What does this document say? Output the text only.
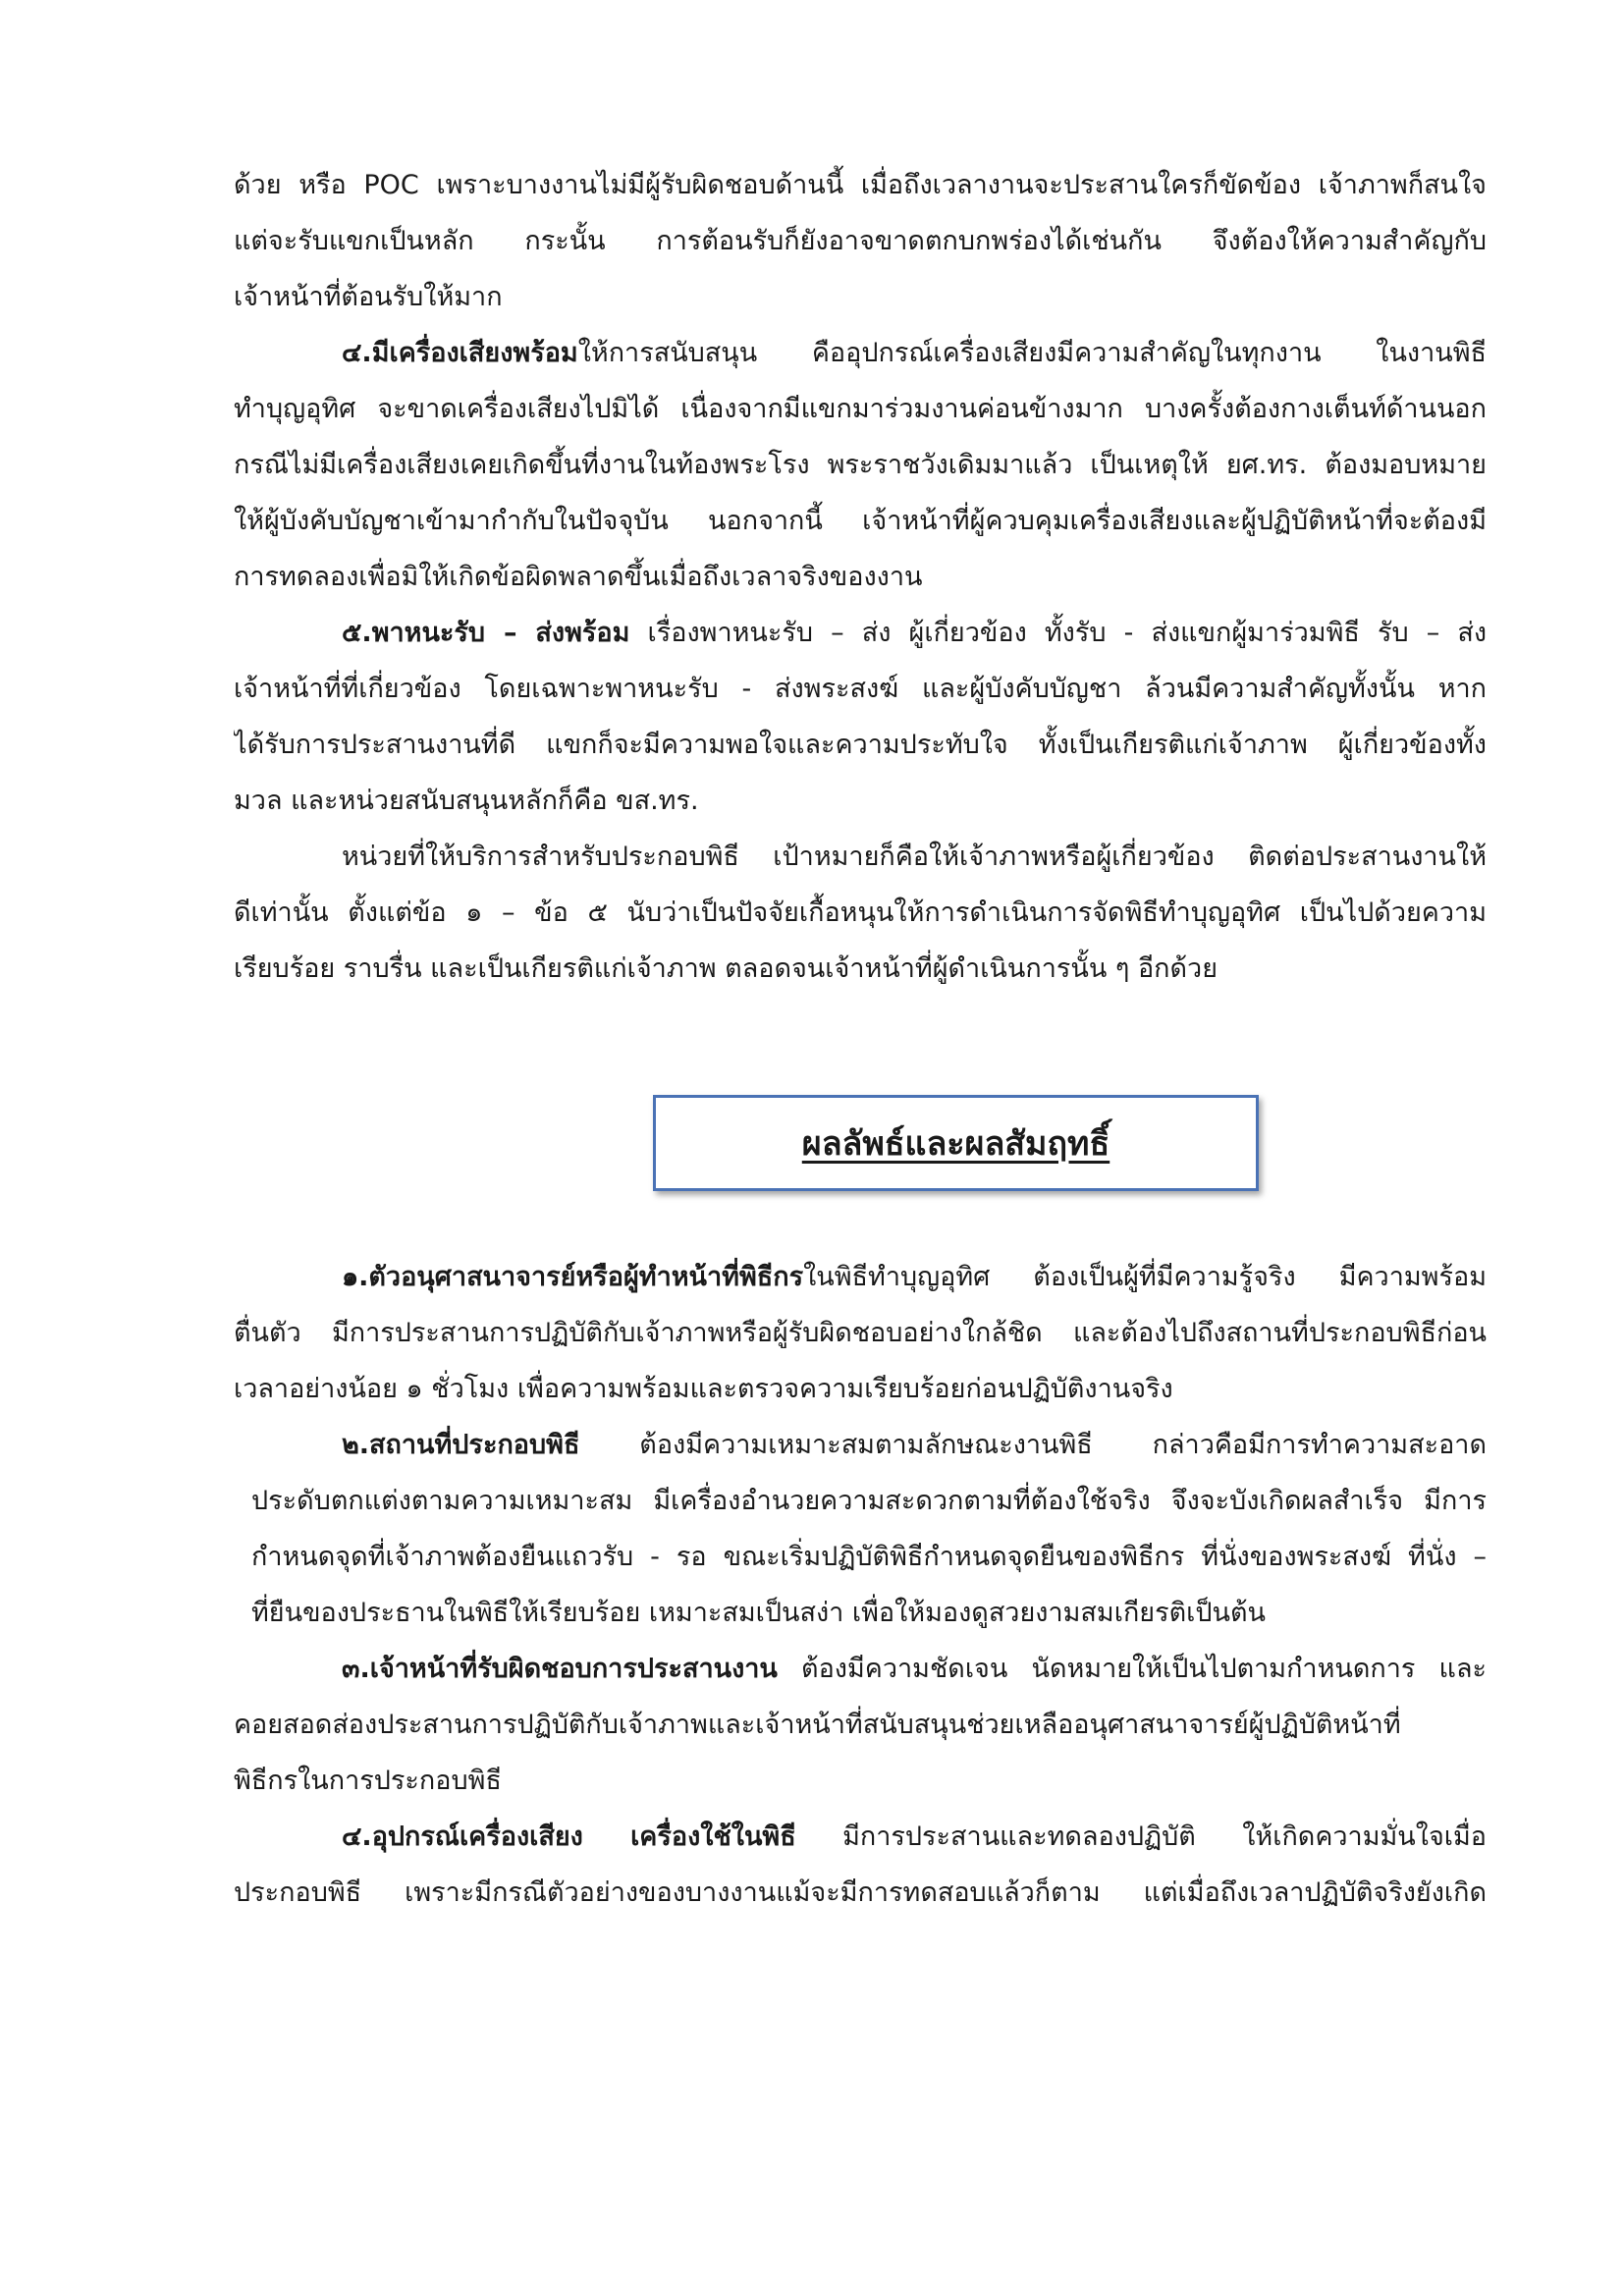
ด้วย หรือ POC เพราะบางงานไม่มีผู้รับผิดชอบด้านนี้ เมื่อถึงเวลางานจะประสานใครก็ขัดข้อง เจ้าภาพก็สนใจ
แต่จะรับแขกเป็นหลัก กระนั้น การต้อนรับก็ยังอาจขาดตกบกพร่องได้เช่นกัน จึงต้องให้ความสำคัญกับ
เจ้าหน้าที่ต้อนรับให้มาก
๔.มีเครื่องเสียงพร้อมให้การสนับสนุน คืออุปกรณ์เครื่องเสียงมีความสำคัญในทุกงาน ในงานพิธี
ทำบุญอุทิศ จะขาดเครื่องเสียงไปมิได้ เนื่องจากมีแขกมาร่วมงานค่อนข้างมาก บางครั้งต้องกางเต็นท์ด้านนอก
กรณีไม่มีเครื่องเสียงเคยเกิดขึ้นที่งานในท้องพระโรง พระราชวังเดิมมาแล้ว เป็นเหตุให้ ยศ.ทร. ต้องมอบหมาย
ให้ผู้บังคับบัญชาเข้ามากำกับในปัจจุบัน นอกจากนี้ เจ้าหน้าที่ผู้ควบคุมเครื่องเสียงและผู้ปฏิบัติหน้าที่จะต้องมี
การทดลองเพื่อมิให้เกิดข้อผิดพลาดขึ้นเมื่อถึงเวลาจริงของงาน
๕.พาหนะรับ – ส่งพร้อม เรื่องพาหนะรับ – ส่ง ผู้เกี่ยวข้อง ทั้งรับ - ส่งแขกผู้มาร่วมพิธี รับ – ส่ง
เจ้าหน้าที่ที่เกี่ยวข้อง โดยเฉพาะพาหนะรับ - ส่งพระสงฆ์ และผู้บังคับบัญชา ล้วนมีความสำคัญทั้งนั้น หาก
ได้รับการประสานงานที่ดี แขกก็จะมีความพอใจและความประทับใจ ทั้งเป็นเกียรติแก่เจ้าภาพ ผู้เกี่ยวข้องทั้ง
มวล และหน่วยสนับสนุนหลักก็คือ ขส.ทร.
หน่วยที่ให้บริการสำหรับประกอบพิธี เป้าหมายก็คือให้เจ้าภาพหรือผู้เกี่ยวข้อง ติดต่อประสานงานให้
ดีเท่านั้น ตั้งแต่ข้อ ๑ – ข้อ ๕ นับว่าเป็นปัจจัยเกื้อหนุนให้การดำเนินการจัดพิธีทำบุญอุทิศ เป็นไปด้วยความ
เรียบร้อย ราบรื่น และเป็นเกียรติแก่เจ้าภาพ ตลอดจนเจ้าหน้าที่ผู้ดำเนินการนั้น ๆ อีกด้วย
ผลลัพธ์และผลสัมฤทธิ์
๑.ตัวอนุศาสนาจารย์หรือผู้ทำหน้าที่พิธีกรในพิธีทำบุญอุทิศ ต้องเป็นผู้ที่มีความรู้จริง มีความพร้อม
ตื่นตัว มีการประสานการปฏิบัติกับเจ้าภาพหรือผู้รับผิดชอบอย่างใกล้ชิด และต้องไปถึงสถานที่ประกอบพิธีก่อน
เวลาอย่างน้อย ๑ ชั่วโมง เพื่อความพร้อมและตรวจความเรียบร้อยก่อนปฏิบัติงานจริง
๒.สถานที่ประกอบพิธี ต้องมีความเหมาะสมตามลักษณะงานพิธี กล่าวคือมีการทำความสะอาด
ประดับตกแต่งตามความเหมาะสม มีเครื่องอำนวยความสะดวกตามที่ต้องใช้จริง จึงจะบังเกิดผลสำเร็จ มีการ
กำหนดจุดที่เจ้าภาพต้องยืนแถวรับ - รอ ขณะเริ่มปฏิบัติพิธีกำหนดจุดยืนของพิธีกร ที่นั่งของพระสงฆ์ ที่นั่ง –
ที่ยืนของประธานในพิธีให้เรียบร้อย เหมาะสมเป็นสง่า เพื่อให้มองดูสวยงามสมเกียรติเป็นต้น
๓.เจ้าหน้าที่รับผิดชอบการประสานงาน ต้องมีความชัดเจน นัดหมายให้เป็นไปตามกำหนดการ และ
คอยสอดส่องประสานการปฏิบัติกับเจ้าภาพและเจ้าหน้าที่สนับสนุนช่วยเหลืออนุศาสนาจารย์ผู้ปฏิบัติหน้าที่
พิธีกรในการประกอบพิธี
๔.อุปกรณ์เครื่องเสียง เครื่องใช้ในพิธี มีการประสานและทดลองปฏิบัติ ให้เกิดความมั่นใจเมื่อ
ประกอบพิธี เพราะมีกรณีตัวอย่างของบางงานแม้จะมีการทดสอบแล้วก็ตาม แต่เมื่อถึงเวลาปฏิบัติจริงยังเกิด
